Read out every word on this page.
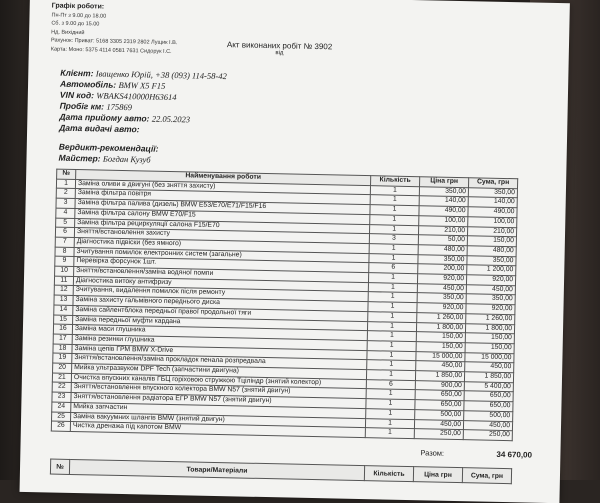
Графік роботи:
Пн-Пт з 9.00 до 18.00
Сб. з 9.00 до 15.00
Нд. Вихідний
Рахунок: Приват: 5168 3305 2319 2802 Лущик І.В.
Карта: Моно: 5375 4114 0581 7631 Сидорук І.С.	Акт виконаних робіт № 3902
від
Клієнт: Іващенко Юрій, +38 (093) 114-58-42
Автомобіль: BMW X5 F15
VIN код: WBAKS410000H63614
Пробіг км: 175869
Дата прийому авто: 22.05.2023
Дата видачі авто:
Вердикт-рекомендації:
Майстер: Богдан Кузуб
№	Найменування роботи	Кількість	Ціна грн	Сума, грн
1	Заміна оливи в двигуні (без зняття захисту)	1	350,00	350,00
2	Заміна фільтра повітря	1	140,00	140,00
3	Заміна фільтра палива (дизель) BMW E53/E70/E71/F15/F16	1	490,00	490,00
4	Заміна фільтра салону BMW E70/F15	1	100,00	100,00
5	Заміна фільтра рециркуляції салона F15/E70	1	210,00	210,00
6	Зняття/встановлення захисту	3	50,00	150,00
7	Діагностика підвіски (без ямного)	1	480,00	480,00
8	Зчитування помилок електронних систем (загальне)	1	350,00	350,00
9	Перевірка форсунок 1шт.	6	200,00	1 200,00
10	Зняття/встановлення/заміна водяної помпи	1	920,00	920,00
11	Діагностика витоку антифризу	1	450,00	450,00
12	Зчитування, видалення помилок після ремонту	1	350,00	350,00
13	Заміна захисту гальмівного переднього диска	1	920,00	920,00
14	Заміна сайлентблока передньої правої продольної тяги	1	1 260,00	1 260,00
15	Заміна передньої муфти кардана	1	1 800,00	1 800,00
16	Заміна маси глушника	1	150,00	150,00
17	Заміна резинки глушника	1	150,00	150,00
18	Заміна цепів ГРМ BMW X-Drive	1	15 000,00	15 000,00
19	Зняття/встановлення/заміна прокладок пенала розпредвала	1	450,00	450,00
20	Мийка ультразвуком DPF Tech (запчастини двигуна)	1	1 850,00	1 850,00
21	Очистка впускних каналів ГБЦ горіховою стружкою Тціліндр (знятий колектор)	6	900,00	5 400,00
22	Зняття/встановлення впускного колектора BMW N57 (знятий двигун)	1	650,00	650,00
23	Зняття/встановлення радіатора ЕГР BMW N57 (знятий двигун)	1	650,00	650,00
24	Мийка запчастин	1	500,00	500,00
25	Заміна вакуумних шлангів BMW (знятий двигун)	1	450,00	450,00
26	Чистка дренажа під капотом BMW	1	250,00	250,00
Разом:	34 670,00
№	Товари/Матеріали	Кількість	Ціна грн	Сума, грн
